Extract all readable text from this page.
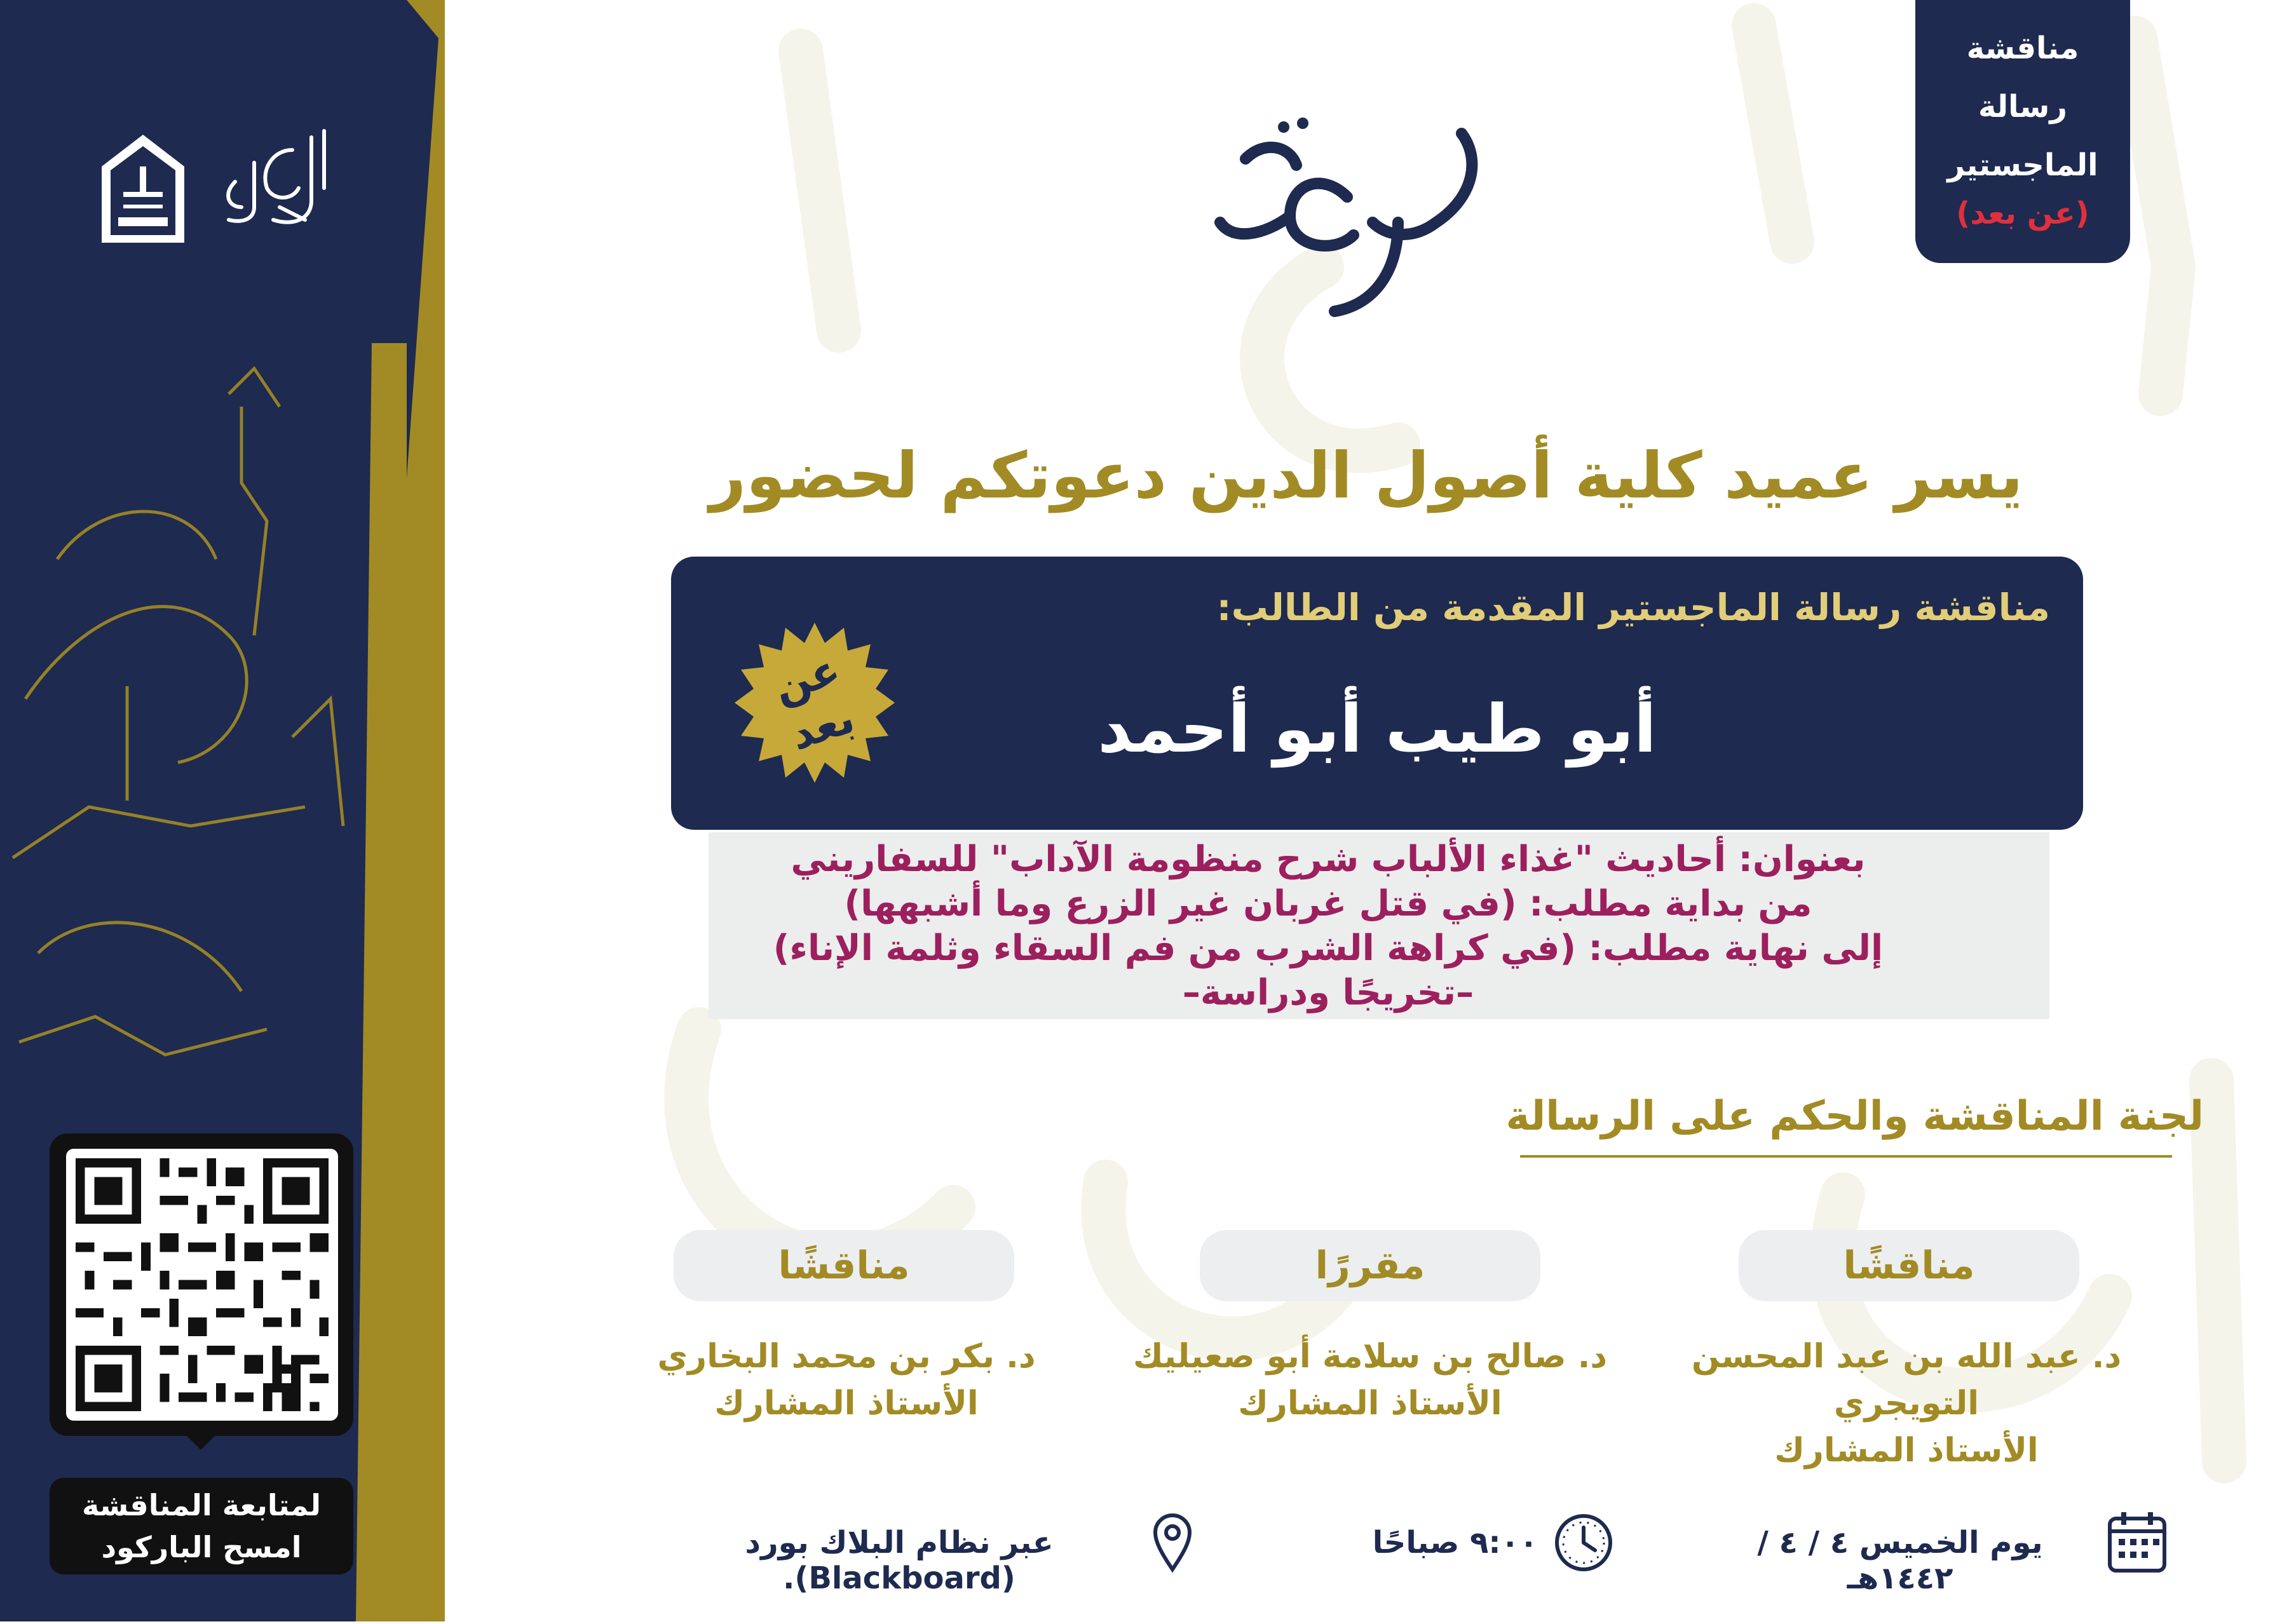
لمتابعة المناقشة
امسح الباركود
مناقشة
رسالة
الماجستير
(عن بعد)
يسر عميد كلية أصول الدين دعوتكم لحضور
مناقشة رسالة الماجستير المقدمة من الطالب:
أبو طيب أبو أحمد
عن
بعد
بعنوان: أحاديث "غذاء الألباب شرح منظومة الآداب" للسفاريني
من بداية مطلب: (في قتل غربان غير الزرع وما أشبهها)
إلى نهاية مطلب: (في كراهة الشرب من فم السقاء وثلمة الإناء)
–تخريجًا ودراسة–
لجنة المناقشة والحكم على الرسالة
مناقشًا
د. عبد الله بن عبد المحسن التويجري
الأستاذ المشارك
مقررًا
د. صالح بن سلامة أبو صعيليك
الأستاذ المشارك
مناقشًا
د. بكر بن محمد البخاري
الأستاذ المشارك
يوم الخميس ٤ / ٤ / ١٤٤٢هـ
٩:٠٠ صباحًا
عبر نظام البلاك بورد (Blackboard).
